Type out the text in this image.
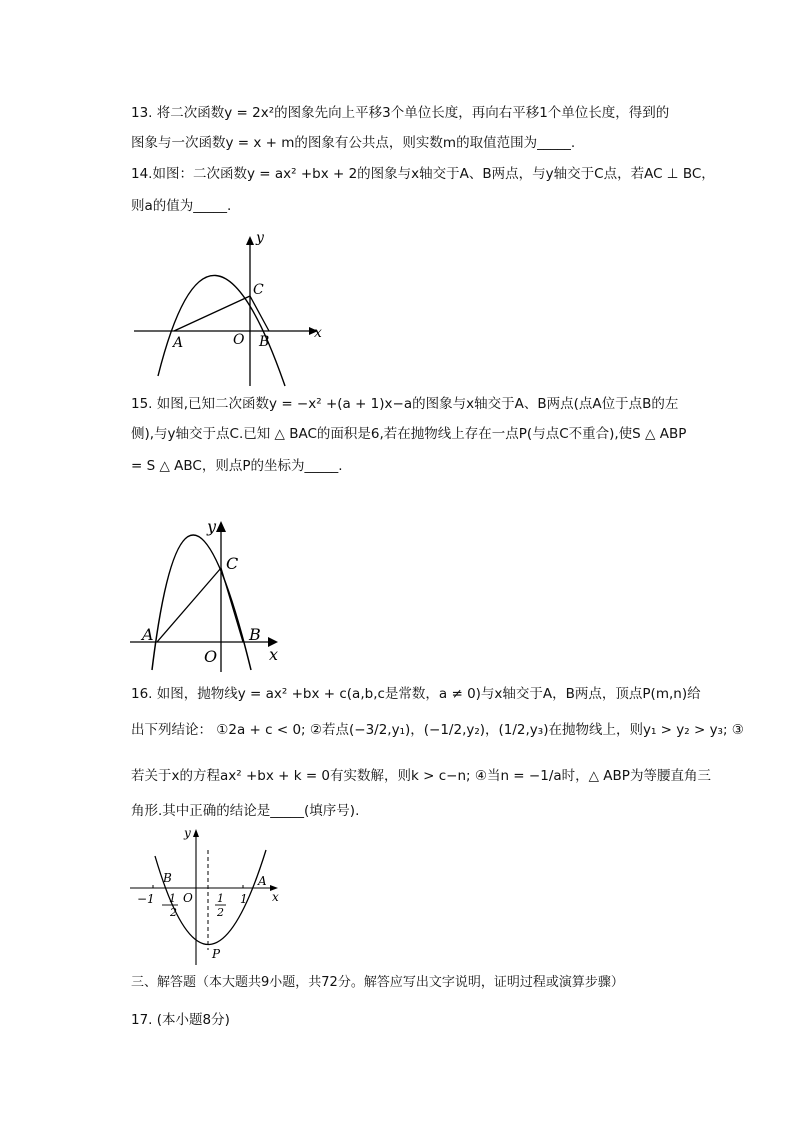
13. 将二次函数y = 2x²的图象先向上平移3个单位长度，再向右平移1个单位长度，得到的
图象与一次函数y = x + m的图象有公共点，则实数m的取值范围为_____.
14.如图：二次函数y = ax² +bx + 2的图象与x轴交于A、B两点，与y轴交于C点，若AC ⊥ BC，
则a的值为_____.
y
x
C
A	O B
15. 如图,已知二次函数y = −x² +(a + 1)x−a的图象与x轴交于A、B两点(点A位于点B的左
侧),与y轴交于点C.已知 △ BAC的面积是6,若在抛物线上存在一点P(与点C不重合),使S △ ABP
= S △ ABC，则点P的坐标为_____.
y
C
A	B
O	x
16. 如图，抛物线y = ax² +bx + c(a,b,c是常数，a ≠ 0)与x轴交于A，B两点，顶点P(m,n)给
出下列结论： ①2a + c < 0; ②若点(−3/2,y₁)，(−1/2,y₂)，(1/2,y₃)在抛物线上，则y₁ > y₂ > y₃; ③
若关于x的方程ax² +bx + k = 0有实数解，则k > c−n; ④当n = −1/a时，△ ABP为等腰直角三
角形.其中正确的结论是_____(填序号).
y
B	A
O	x
−1	1
1
2
1
2
P
三、解答题（本大题共9小题，共72分。解答应写出文字说明，证明过程或演算步骤）
17. (本小题8分)
